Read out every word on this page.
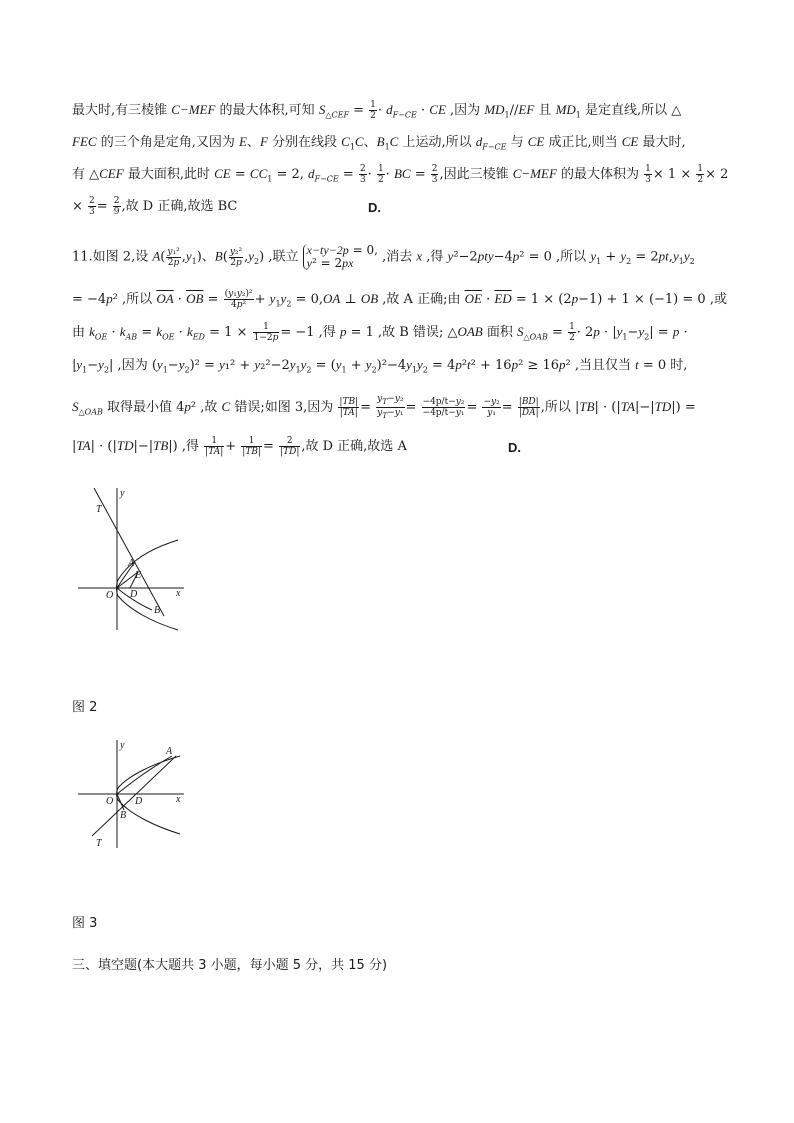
最大时,有三棱锥 C−MEF 的最大体积,可知 $S_{\triangle CEF} = \frac{1}{2} \cdot d_{F-CE}$ · CE ,因为 $MD_1//EF$ 且 $MD_1$ 是定直线,所以 △
FEC 的三个角是定角,又因为 E、F 分别在线段 $C_1C$、$B_1C$ 上运动,所以 $d_{F-CE}$ 与 CE 成正比,则当 CE 最大时,
有 △CEF 最大面积,此时 CE = $CC_1 = 2$, $d_{F-CE} = \frac{2}{3} \cdot \frac{1}{2}$ · BC = $\frac{2}{3}$ ,因此三棱锥 C−MEF 的最大体积为 $\frac{1}{3} \times 1 \times \frac{1}{2} \times 2$
× $\frac{2}{3} = \frac{2}{9}$ ,故 D 正确,故选 BC	D.
11.如图 2,设 $A( \frac{\text{y₁²}}{2p} ,y_1)$、$B( \frac{\text{y₂²}}{2p} ,y_2)$ ,联立 x−ty−2p = 0,
y² = 2px ,消去 x ,得 y²−2pty−4p² = 0 ,所以 $y_1 + y_2 = 2pt,y_1y_2$
= −4p² ,所以 $\overline{OA} \cdot \overline{OB} = \frac{\text{(y₁y₂)²}}{\text{4p²}} + y_1y_2 = 0,OA$ ⊥ OB ,故 A 正确;由 $\overline{OE} \cdot \overline{ED} = 1 \times (2p-1) + 1 \times (-1) = 0$ ,或
由 $k_{OE} \cdot k_{AB} = k_{OE} \cdot k_{ED} = 1 \times \frac{1}{1-2p} = -1$ ,得 p = 1 ,故 B 错误; △OAB 面积 $S_{\triangle OAB} = \frac{1}{2} \cdot 2p \cdot |y_1-y_2| = p$ ·
$|y_1-y_2|$ ,因为 $(y_1-y_2)^2 = y_1^2 + y_2^2-2y_1y_2 = (y_1 + y_2)^2-4y_1y_2 = 4p^2t^2 + 16p^2 \ge 16p^2$ ,当且仅当 t = 0 时,
$S_{\triangle OAB}$ 取得最小值 4p² ,故 C 错误;如图 3,因为 $\frac{|TB|}{|TA|} = \frac{y_T-y_2}{y_T-y_1} = \frac{\text{−4p/t−y₂}}{\text{−4p/t−y₁}} = \frac{\text{−y₂}}{\text{y₁}} = \frac{|BD|}{|DA|}$ ,所以 |TB| · (|TA|−|TD|) =
|TA| · (|TD|−|TB|) ,得 $\frac{1}{|TA|} + \frac{1}{|TB|} = \frac{2}{|TD|}$ ,故 D 正确,故选 A	D.
y
x
O
T
A
E
D
B
图 2
y
x
O
A
D
B
T
图 3
三、填空题(本大题共 3 小题，每小题 5 分，共 15 分)
